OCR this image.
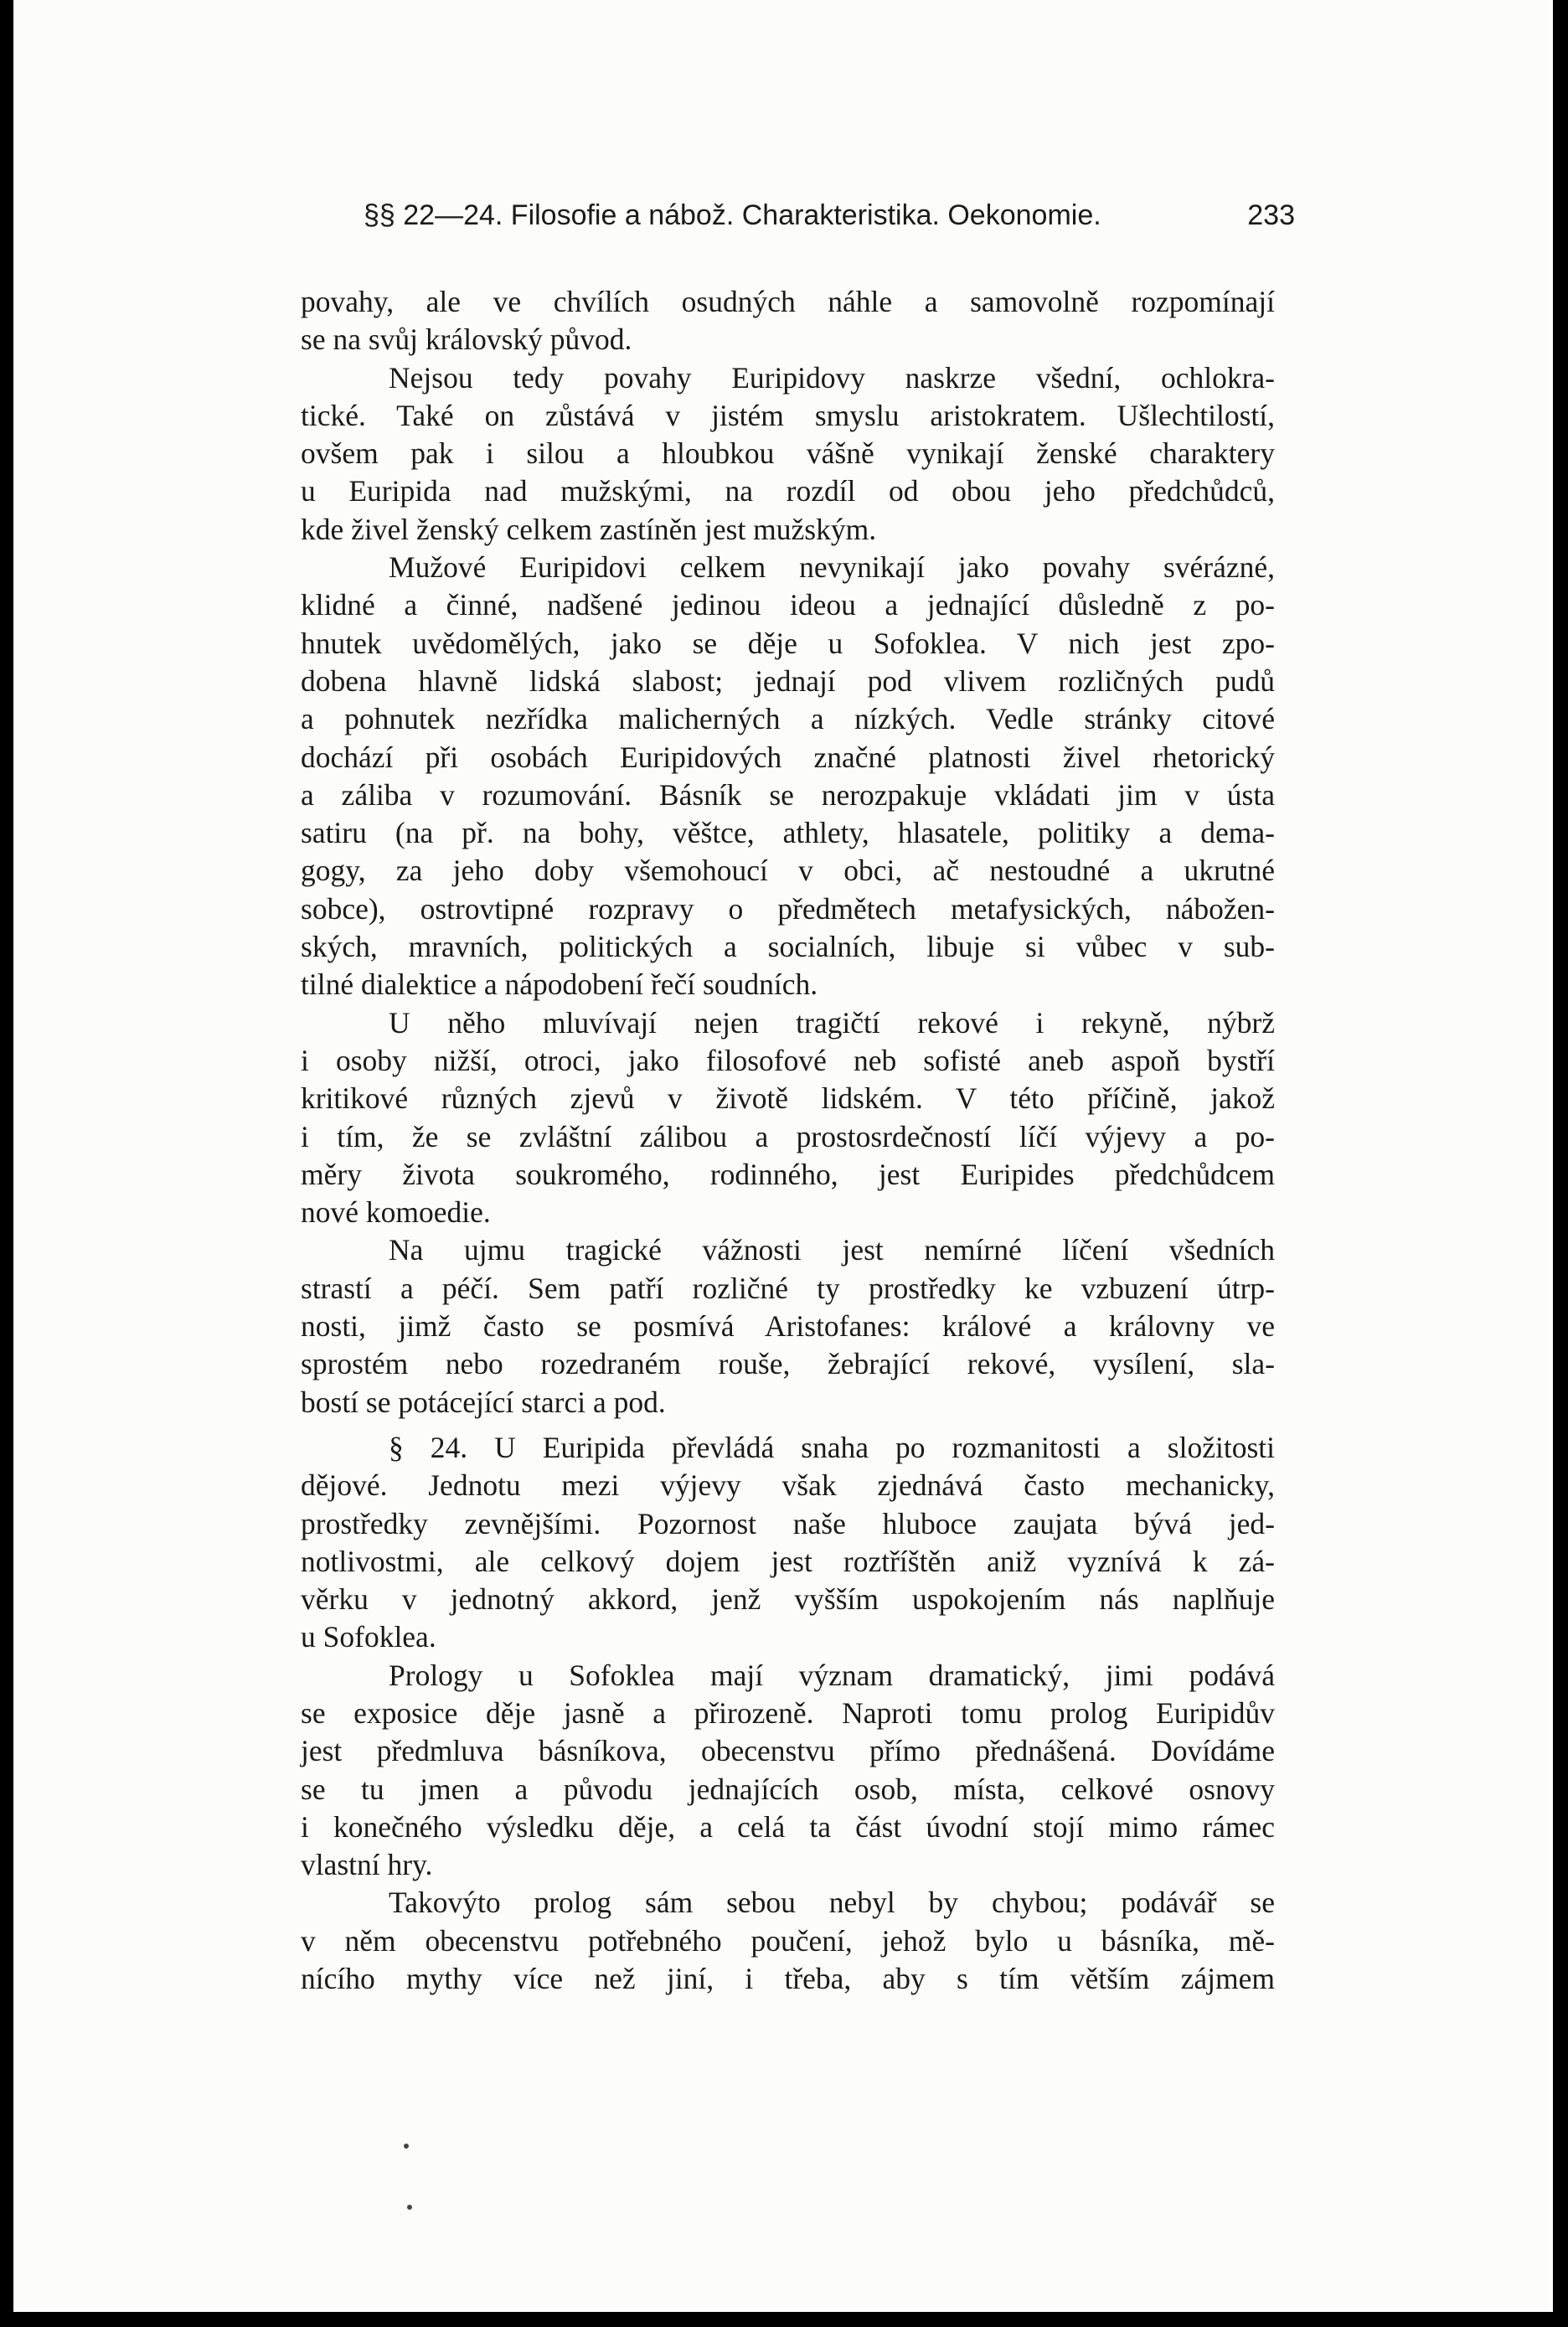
§§ 22—24. Filosofie a nábož. Charakteristika. Oekonomie.	233

povahy, ale ve chvílích osudných náhle a samovolně rozpomínají
se na svůj královský původ.

Nejsou tedy povahy Euripidovy naskrze všední, ochlokra-
tické. Také on zůstává v jistém smyslu aristokratem. Ušlechtilostí,
ovšem pak i silou a hloubkou vášně vynikají ženské charaktery
u Euripida nad mužskými, na rozdíl od obou jeho předchůdců,
kde živel ženský celkem zastíněn jest mužským.

Mužové Euripidovi celkem nevynikají jako povahy svérázné,
klidné a činné, nadšené jedinou ideou a jednající důsledně z po-
hnutek uvědomělých, jako se děje u Sofoklea. V nich jest zpo-
dobena hlavně lidská slabost; jednají pod vlivem rozličných pudů
a pohnutek nezřídka malicherných a nízkých. Vedle stránky citové
dochází při osobách Euripidových značné platnosti živel rhetorický
a záliba v rozumování. Básník se nerozpakuje vkládati jim v ústa
satiru (na př. na bohy, věštce, athlety, hlasatele, politiky a dema-
gogy, za jeho doby všemohoucí v obci, ač nestoudné a ukrutné
sobce), ostrovtipné rozpravy o předmětech metafysických, nábožen-
ských, mravních, politických a socialních, libuje si vůbec v sub-
tilné dialektice a nápodobení řečí soudních.

U něho mluvívají nejen tragičtí rekové i rekyně, nýbrž
i osoby nižší, otroci, jako filosofové neb sofisté aneb aspoň bystří
kritikové různých zjevů v životě lidském. V této příčině, jakož
i tím, že se zvláštní zálibou a prostosrdečností líčí výjevy a po-
měry života soukromého, rodinného, jest Euripides předchůdcem
nové komoedie.

Na ujmu tragické vážnosti jest nemírné líčení všedních
strastí a péčí. Sem patří rozličné ty prostředky ke vzbuzení útrp-
nosti, jimž často se posmívá Aristofanes: králové a královny ve
sprostém nebo rozedraném rouše, žebrající rekové, vysílení, sla-
bostí se potácející starci a pod.

§ 24. U Euripida převládá snaha po rozmanitosti a složitosti
dějové. Jednotu mezi výjevy však zjednává často mechanicky,
prostředky zevnějšími. Pozornost naše hluboce zaujata bývá jed-
notlivostmi, ale celkový dojem jest roztříštěn aniž vyznívá k zá-
věrku v jednotný akkord, jenž vyšším uspokojením nás naplňuje
u Sofoklea.

Prology u Sofoklea mají význam dramatický, jimi podává
se exposice děje jasně a přirozeně. Naproti tomu prolog Euripidův
jest předmluva básníkova, obecenstvu přímo přednášená. Dovídáme
se tu jmen a původu jednajících osob, místa, celkové osnovy
i konečného výsledku děje, a celá ta část úvodní stojí mimo rámec
vlastní hry.

Takovýto prolog sám sebou nebyl by chybou; podávář se
v něm obecenstvu potřebného poučení, jehož bylo u básníka, mě-
nícího mythy více než jiní, i třeba, aby s tím větším zájmem
